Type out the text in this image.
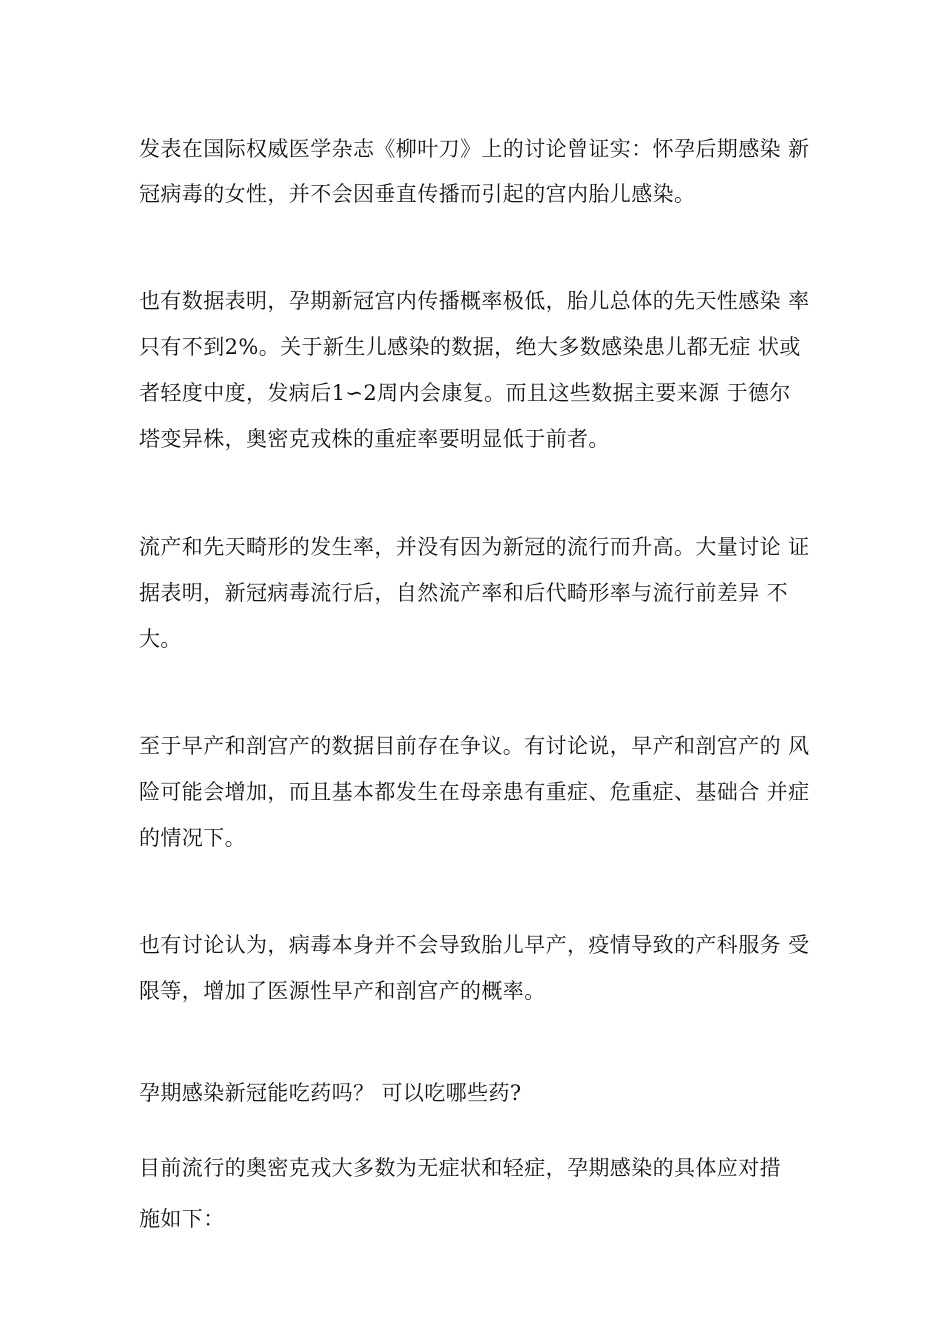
发表在国际权威医学杂志《柳叶刀》上的讨论曾证实：怀孕后期感染 新
冠病毒的女性，并不会因垂直传播而引起的宫内胎儿感染。
也有数据表明，孕期新冠宫内传播概率极低，胎儿总体的先天性感染 率
只有不到2%。关于新生儿感染的数据，绝大多数感染患儿都无症 状或
者轻度中度，发病后1∽2周内会康复。而且这些数据主要来源 于德尔
塔变异株，奥密克戎株的重症率要明显低于前者。
流产和先天畸形的发生率，并没有因为新冠的流行而升高。大量讨论 证
据表明，新冠病毒流行后，自然流产率和后代畸形率与流行前差异 不
大。
至于早产和剖宫产的数据目前存在争议。有讨论说，早产和剖宫产的 风
险可能会增加，而且基本都发生在母亲患有重症、危重症、基础合 并症
的情况下。
也有讨论认为，病毒本身并不会导致胎儿早产，疫情导致的产科服务 受
限等，增加了医源性早产和剖宫产的概率。
孕期感染新冠能吃药吗？ 可以吃哪些药?
目前流行的奥密克戎大多数为无症状和轻症，孕期感染的具体应对措
施如下：
